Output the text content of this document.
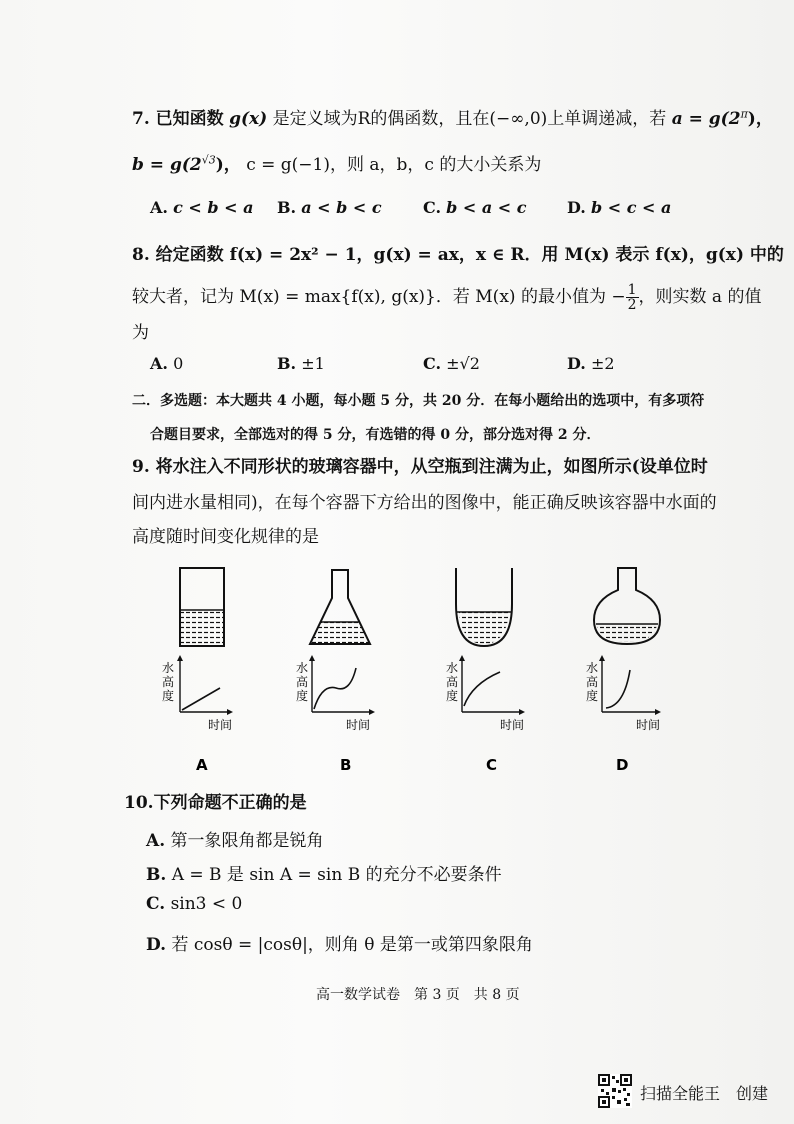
7. 已知函数 g(x) 是定义域为R的偶函数，且在(−∞,0)上单调递减，若 $a = g(2^\pi)$，
$b = g(2^{√3})$， c = g(−1)，则 a，b，c 的大小关系为
A. c < b < a B. a < b < c	C. b < a < c	D. b < c < a
8. 给定函数 f(x) = 2x² − 1，g(x) = ax，x ∈ R．用 M(x) 表示 f(x)，g(x) 中的
较大者，记为 M(x) = max{f(x), g(x)}．若 M(x) 的最小值为 − $\frac{1}{2}$ ，则实数 a 的值
为
A. 0	B. ±1	C. ±√2	D. ±2
二．多选题：本大题共 4 小题，每小题 5 分，共 20 分．在每小题给出的选项中，有多项符
合题目要求，全部选对的得 5 分，有选错的得 0 分，部分选对得 2 分．
9. 将水注入不同形状的玻璃容器中，从空瓶到注满为止，如图所示(设单位时
间内进水量相同)，在每个容器下方给出的图像中，能正确反映该容器中水面的
高度随时间变化规律的是
水
高
度
时间
水
高
度
时间
水
高
度
时间
水
高
度
时间
A	B	C	D
10.下列命题不正确的是
A. 第一象限角都是锐角
B. A = B 是 sin A = sin B 的充分不必要条件
C. sin3 < 0
D. 若 cosθ = |cosθ|，则角 θ 是第一或第四象限角
高一数学试卷　第 3 页　共 8 页
扫描全能王　创建
